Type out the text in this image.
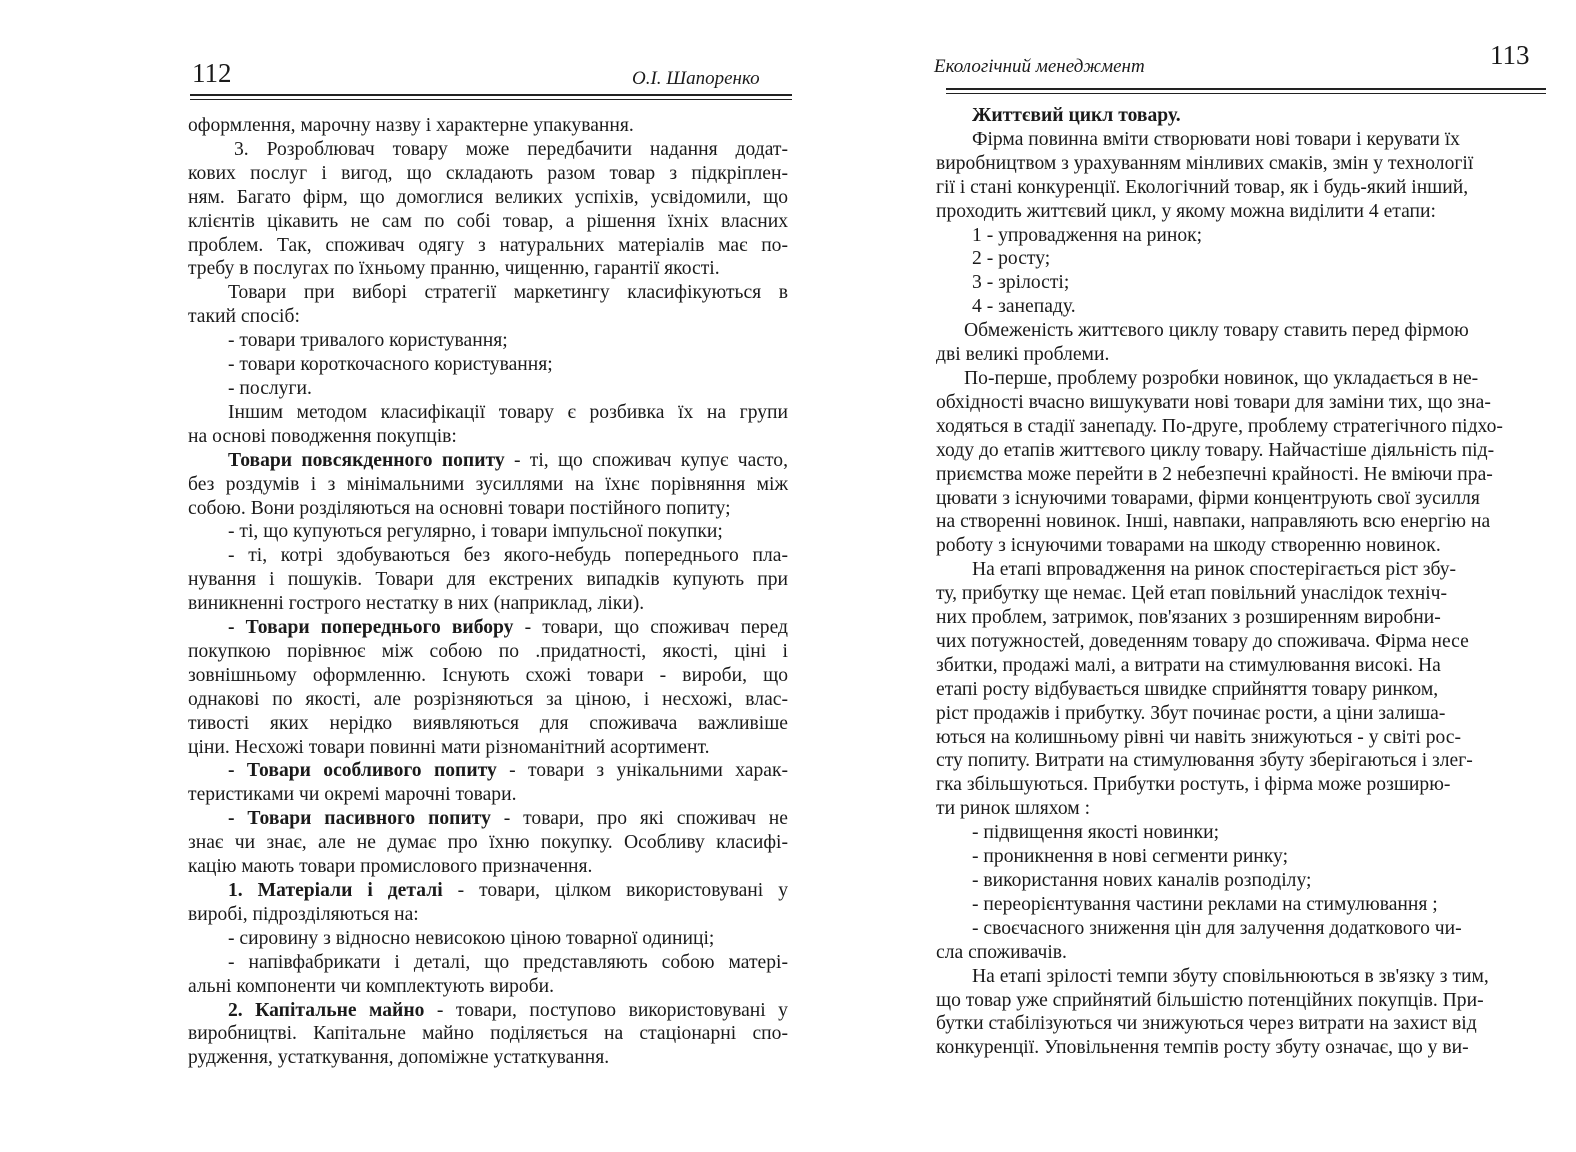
112	О.І. Шапоренко
оформлення, марочну назву і характерне упакування.
3. Розроблювач товару може передбачити надання додат-
кових послуг і вигод, що складають разом товар з підкріплен-
ням. Багато фірм, що домоглися великих успіхів, усвідомили, що
клієнтів цікавить не сам по собі товар, а рішення їхніх власних
проблем. Так, споживач одягу з натуральних матеріалів має по-
требу в послугах по їхньому пранню, чищенню, гарантії якості.
Товари при виборі стратегії маркетингу класифікуються в
такий спосіб:
- товари тривалого користування;
- товари короткочасного користування;
- послуги.
Іншим методом класифікації товару є розбивка їх на групи
на основі поводження покупців:
Товари повсякденного попиту - ті, що споживач купує часто,
без роздумів і з мінімальними зусиллями на їхнє порівняння між
собою. Вони розділяються на основні товари постійного попиту;
- ті, що купуються регулярно, і товари імпульсної покупки;
- ті, котрі здобуваються без якого-небудь попереднього пла-
нування і пошуків. Товари для екстрених випадків купують при
виникненні гострого нестатку в них (наприклад, ліки).
- Товари попереднього вибору - товари, що споживач перед
покупкою порівнює між собою по .придатності, якості, ціні і
зовнішньому оформленню. Існують схожі товари - вироби, що
однакові по якості, але розрізняються за ціною, і несхожі, влас-
тивості яких нерідко виявляються для споживача важливіше
ціни. Несхожі товари повинні мати різноманітний асортимент.
- Товари особливого попиту - товари з унікальними харак-
теристиками чи окремі марочні товари.
- Товари пасивного попиту - товари, про які споживач не
знає чи знає, але не думає про їхню покупку. Особливу класифі-
кацію мають товари промислового призначення.
1. Матеріали і деталі - товари, цілком використовувані у
виробі, підрозділяються на:
- сировину з відносно невисокою ціною товарної одиниці;
- напівфабрикати і деталі, що представляють собою матері-
альні компоненти чи комплектують вироби.
2. Капітальне майно - товари, поступово використовувані у
виробництві. Капітальне майно поділяється на стаціонарні спо-
рудження, устаткування, допоміжне устаткування.
Екологічний менеджмент	113
Життєвий цикл товару.
Фірма повинна вміти створювати нові товари і керувати їх
виробництвом з урахуванням мінливих смаків, змін у технології
гії і стані конкуренції. Екологічний товар, як і будь-який інший,
проходить життєвий цикл, у якому можна виділити 4 етапи:
1 - упровадження на ринок;
2 - росту;
3 - зрілості;
4 - занепаду.
Обмеженість життєвого циклу товару ставить перед фірмою
дві великі проблеми.
По-перше, проблему розробки новинок, що укладається в не-
обхідності вчасно вишукувати нові товари для заміни тих, що зна-
ходяться в стадії занепаду. По-друге, проблему стратегічного підхо-
ходу до етапів життєвого циклу товару. Найчастіше діяльність під-
приємства може перейти в 2 небезпечні крайності. Не вміючи пра-
цювати з існуючими товарами, фірми концентрують свої зусилля
на створенні новинок. Інші, навпаки, направляють всю енергію на
роботу з існуючими товарами на шкоду створенню новинок.
На етапі впровадження на ринок спостерігається ріст збу-
ту, прибутку ще немає. Цей етап повільний унаслідок техніч-
них проблем, затримок, пов'язаних з розширенням виробни-
чих потужностей, доведенням товару до споживача. Фірма несе
збитки, продажі малі, а витрати на стимулювання високі. На
етапі росту відбувається швидке сприйняття товару ринком,
ріст продажів і прибутку. Збут починає рости, а ціни залиша-
ються на колишньому рівні чи навіть знижуються - у світі рос-
сту попиту. Витрати на стимулювання збуту зберігаються і злег-
гка збільшуються. Прибутки ростуть, і фірма може розширю-
ти ринок шляхом :
- підвищення якості новинки;
- проникнення в нові сегменти ринку;
- використання нових каналів розподілу;
- переорієнтування частини реклами на стимулювання ;
- своєчасного зниження цін для залучення додаткового чи-
сла споживачів.
На етапі зрілості темпи збуту сповільнюються в зв'язку з тим,
що товар уже сприйнятий більшістю потенційних покупців. При-
бутки стабілізуються чи знижуються через витрати на захист від
конкуренції. Уповільнення темпів росту збуту означає, що у ви-
